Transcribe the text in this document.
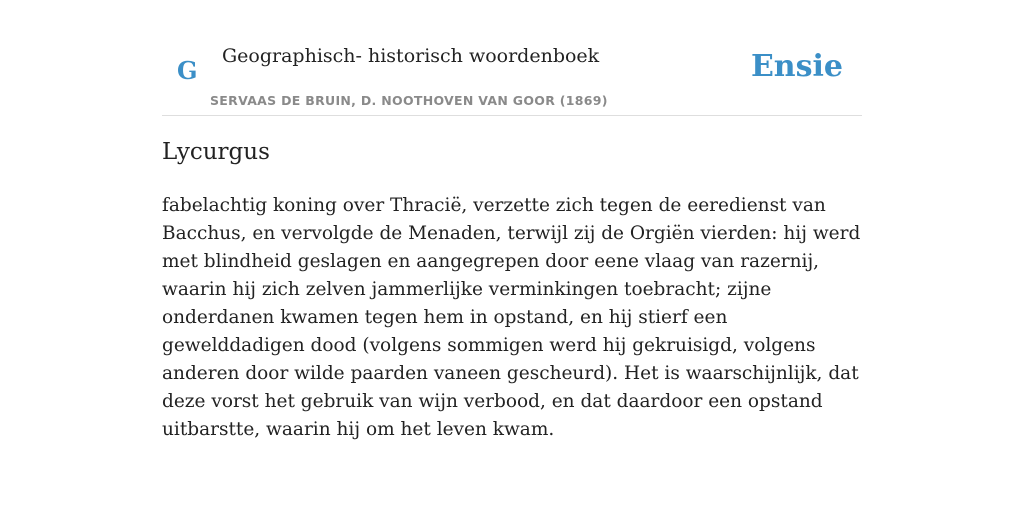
G Geographisch- historisch woordenboek
SERVAAS DE BRUIN, D. NOOTHOVEN VAN GOOR (1869)
Ensie
Lycurgus

fabelachtig koning over Thracië, verzette zich tegen de eeredienst van Bacchus, en vervolgde de Menaden, terwijl zij de Orgiën vierden: hij werd met blindheid geslagen en aangegrepen door eene vlaag van razernij, waarin hij zich zelven jammerlijke verminkingen toebracht; zijne onderdanen kwamen tegen hem in opstand, en hij stierf een gewelddadigen dood (volgens sommigen werd hij gekruisigd, volgens anderen door wilde paarden vaneen gescheurd). Het is waarschijnlijk, dat deze vorst het gebruik van wijn verbood, en dat daardoor een opstand uitbarstte, waarin hij om het leven kwam.
